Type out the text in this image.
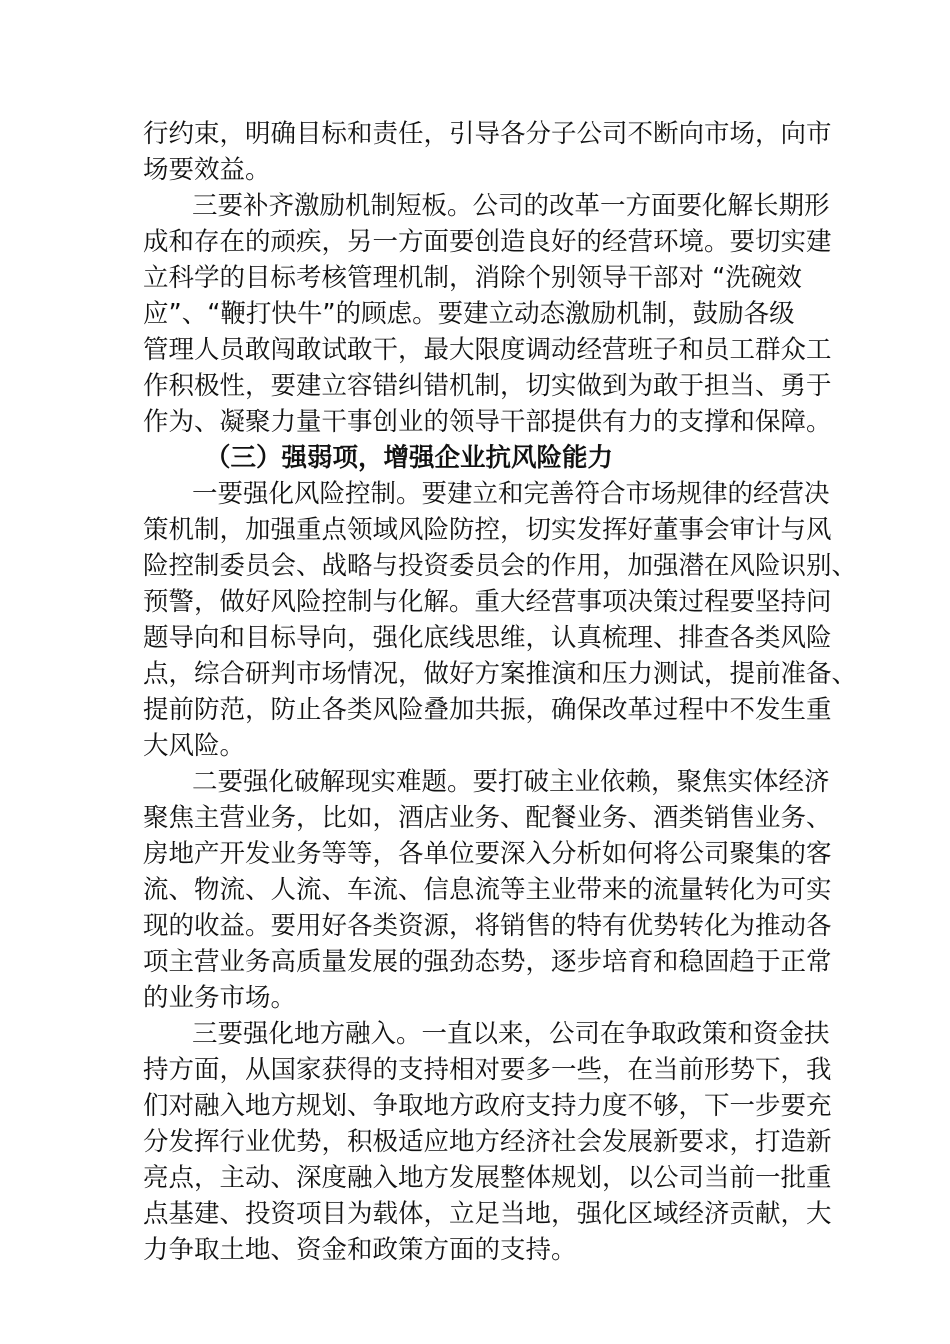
行约束，明确目标和责任，引导各分子公司不断向市场，向市
场要效益。
三要补齐激励机制短板。公司的改革一方面要化解长期形
成和存在的顽疾，另一方面要创造良好的经营环境。要切实建
立科学的目标考核管理机制，消除个别领导干部对 “洗碗效
应”、“鞭打快牛”的顾虑。要建立动态激励机制，鼓励各级
管理人员敢闯敢试敢干，最大限度调动经营班子和员工群众工
作积极性，要建立容错纠错机制，切实做到为敢于担当、勇于
作为、凝聚力量干事创业的领导干部提供有力的支撑和保障。
（三）强弱项，增强企业抗风险能力
一要强化风险控制。要建立和完善符合市场规律的经营决
策机制，加强重点领域风险防控，切实发挥好董事会审计与风
险控制委员会、战略与投资委员会的作用，加强潜在风险识别、
预警，做好风险控制与化解。重大经营事项决策过程要坚持问
题导向和目标导向，强化底线思维，认真梳理、排查各类风险
点，综合研判市场情况，做好方案推演和压力测试，提前准备、
提前防范，防止各类风险叠加共振，确保改革过程中不发生重
大风险。
二要强化破解现实难题。要打破主业依赖，聚焦实体经济
聚焦主营业务，比如，酒店业务、配餐业务、酒类销售业务、
房地产开发业务等等，各单位要深入分析如何将公司聚集的客
流、物流、人流、车流、信息流等主业带来的流量转化为可实
现的收益。要用好各类资源，将销售的特有优势转化为推动各
项主营业务高质量发展的强劲态势，逐步培育和稳固趋于正常
的业务市场。
三要强化地方融入。一直以来，公司在争取政策和资金扶
持方面，从国家获得的支持相对要多一些，在当前形势下，我
们对融入地方规划、争取地方政府支持力度不够，下一步要充
分发挥行业优势，积极适应地方经济社会发展新要求，打造新
亮点，主动、深度融入地方发展整体规划，以公司当前一批重
点基建、投资项目为载体，立足当地，强化区域经济贡献，大
力争取土地、资金和政策方面的支持。
